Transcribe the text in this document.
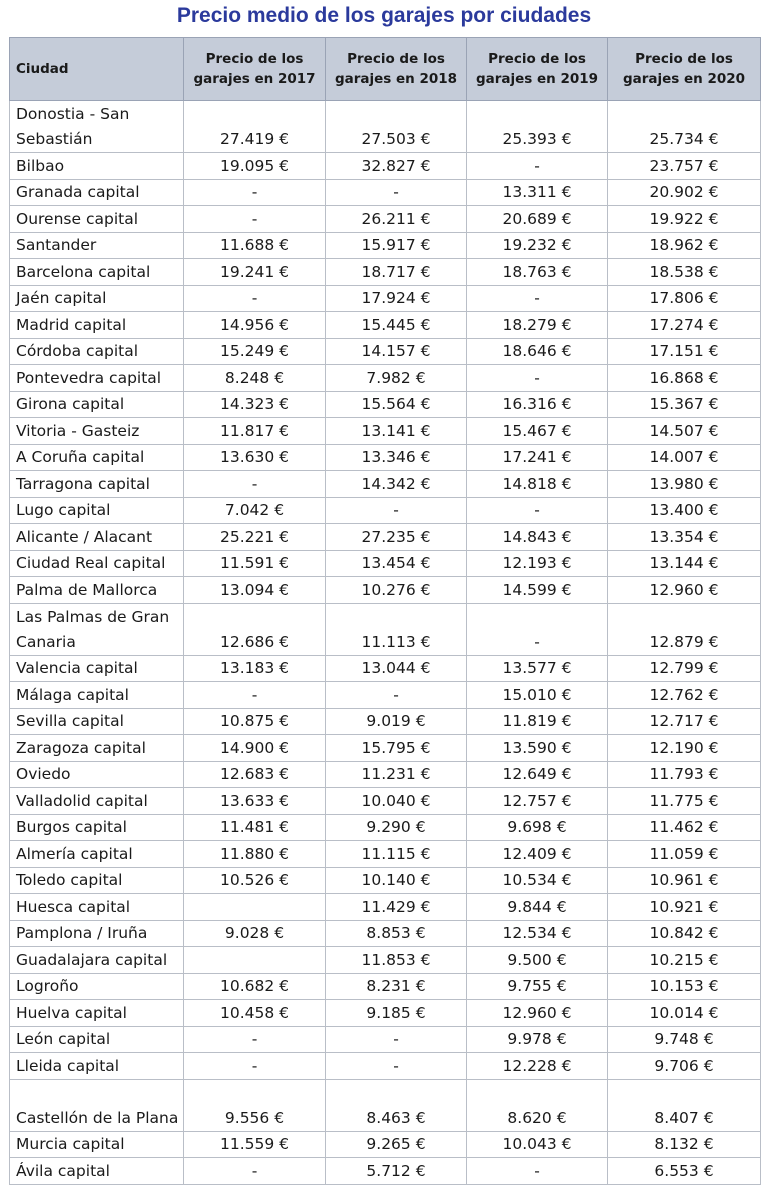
Precio medio de los garajes por ciudades
Ciudad	Precio de los garajes en 2017	Precio de los garajes en 2018	Precio de los garajes en 2019	Precio de los garajes en 2020
Donostia - San Sebastián	27.419 €	27.503 €	25.393 €	25.734 €
Bilbao	19.095 €	32.827 €	-	23.757 €
Granada capital	-	-	13.311 €	20.902 €
Ourense capital	-	26.211 €	20.689 €	19.922 €
Santander	11.688 €	15.917 €	19.232 €	18.962 €
Barcelona capital	19.241 €	18.717 €	18.763 €	18.538 €
Jaén capital	-	17.924 €	-	17.806 €
Madrid capital	14.956 €	15.445 €	18.279 €	17.274 €
Córdoba capital	15.249 €	14.157 €	18.646 €	17.151 €
Pontevedra capital	8.248 €	7.982 €	-	16.868 €
Girona capital	14.323 €	15.564 €	16.316 €	15.367 €
Vitoria - Gasteiz	11.817 €	13.141 €	15.467 €	14.507 €
A Coruña capital	13.630 €	13.346 €	17.241 €	14.007 €
Tarragona capital	-	14.342 €	14.818 €	13.980 €
Lugo capital	7.042 €	-	-	13.400 €
Alicante / Alacant	25.221 €	27.235 €	14.843 €	13.354 €
Ciudad Real capital	11.591 €	13.454 €	12.193 €	13.144 €
Palma de Mallorca	13.094 €	10.276 €	14.599 €	12.960 €
Las Palmas de Gran Canaria	12.686 €	11.113 €	-	12.879 €
Valencia capital	13.183 €	13.044 €	13.577 €	12.799 €
Málaga capital	-	-	15.010 €	12.762 €
Sevilla capital	10.875 €	9.019 €	11.819 €	12.717 €
Zaragoza capital	14.900 €	15.795 €	13.590 €	12.190 €
Oviedo	12.683 €	11.231 €	12.649 €	11.793 €
Valladolid capital	13.633 €	10.040 €	12.757 €	11.775 €
Burgos capital	11.481 €	9.290 €	9.698 €	11.462 €
Almería capital	11.880 €	11.115 €	12.409 €	11.059 €
Toledo capital	10.526 €	10.140 €	10.534 €	10.961 €
Huesca capital		11.429 €	9.844 €	10.921 €
Pamplona / Iruña	9.028 €	8.853 €	12.534 €	10.842 €
Guadalajara capital		11.853 €	9.500 €	10.215 €
Logroño	10.682 €	8.231 €	9.755 €	10.153 €
Huelva capital	10.458 €	9.185 €	12.960 €	10.014 €
León capital	-	-	9.978 €	9.748 €
Lleida capital	-	-	12.228 €	9.706 €
Castellón de la Plana	9.556 €	8.463 €	8.620 €	8.407 €
Murcia capital	11.559 €	9.265 €	10.043 €	8.132 €
Ávila capital	-	5.712 €	-	6.553 €
